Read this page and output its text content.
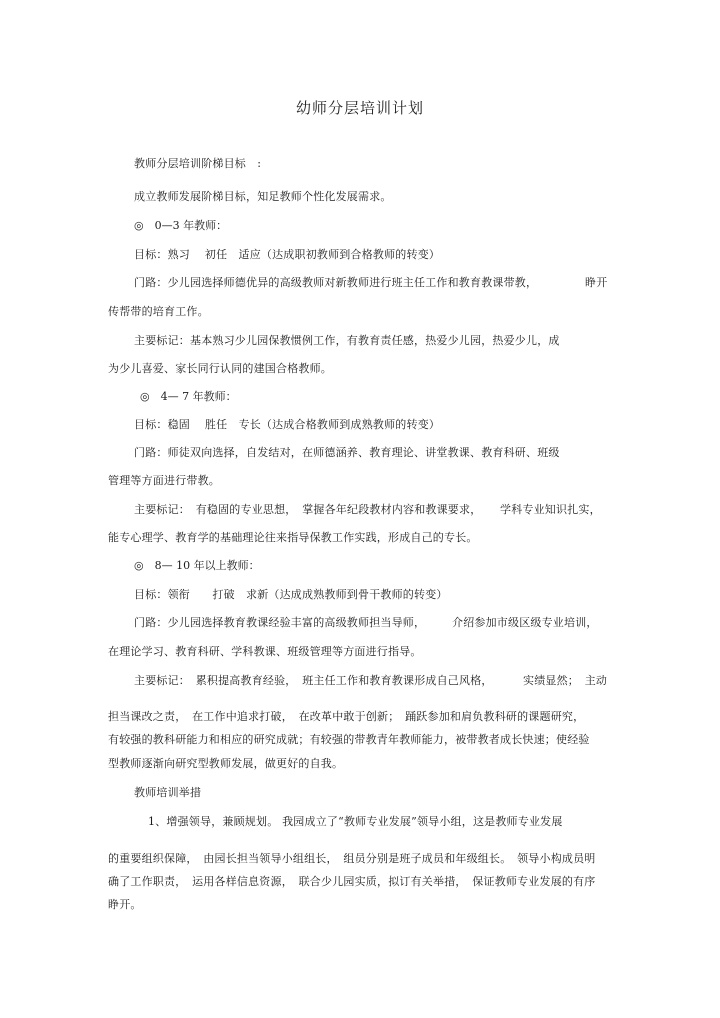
幼师分层培训计划
教师分层培训阶梯目标　:
成立教师发展阶梯目标，知足教师个性化发展需求。
◎　0—3 年教师：
目标：熟习　 初任　适应（达成职初教师到合格教师的转变）
门路：少儿园选择师德优异的高级教师对新教师进行班主任工作和教育教课带教，	睁开
传帮带的培育工作。
主要标记：基本熟习少儿园保教惯例工作，有教育责任感，热爱少儿园，热爱少儿，成
为少儿喜爱、家长同行认同的建国合格教师。
◎　4— 7 年教师：
目标：稳固　 胜任　专长（达成合格教师到成熟教师的转变）
门路：师徒双向选择，自发结对，在师德涵养、教育理论、讲堂教课、教育科研、班级
管理等方面进行带教。
主要标记：　有稳固的专业思想，　掌握各年纪段教材内容和教课要求， 学科专业知识扎实，
能专心理学、教育学的基础理论往来指导保教工作实践，形成自己的专长。
◎　8— 10 年以上教师：
目标：领衔　　打破　求新（达成成熟教师到骨干教师的转变）
门路：少儿园选择教育教课经验丰富的高级教师担当导师， 介绍参加市级区级专业培训，
在理论学习、教育科研、学科教课、班级管理等方面进行指导。
主要标记：　累积提高教育经验，　班主任工作和教育教课形成自己风格，	实绩显然；　主动
担当课改之责，　在工作中追求打破，　在改革中敢于创新；　踊跃参加和肩负教科研的课题研究，
有较强的教科研能力和相应的研究成就；有较强的带教青年教师能力，被带教者成长快速；使经验
型教师逐渐向研究型教师发展，做更好的自我。
教师培训举措
1、增强领导，兼顾规划。 我园成立了“教师专业发展”领导小组，这是教师专业发展
的重要组织保障，　由园长担当领导小组组长，　组员分别是班子成员和年级组长。　领导小构成员明
确了工作职责，　运用各样信息资源，　联合少儿园实质，拟订有关举措，　保证教师专业发展的有序
睁开。
